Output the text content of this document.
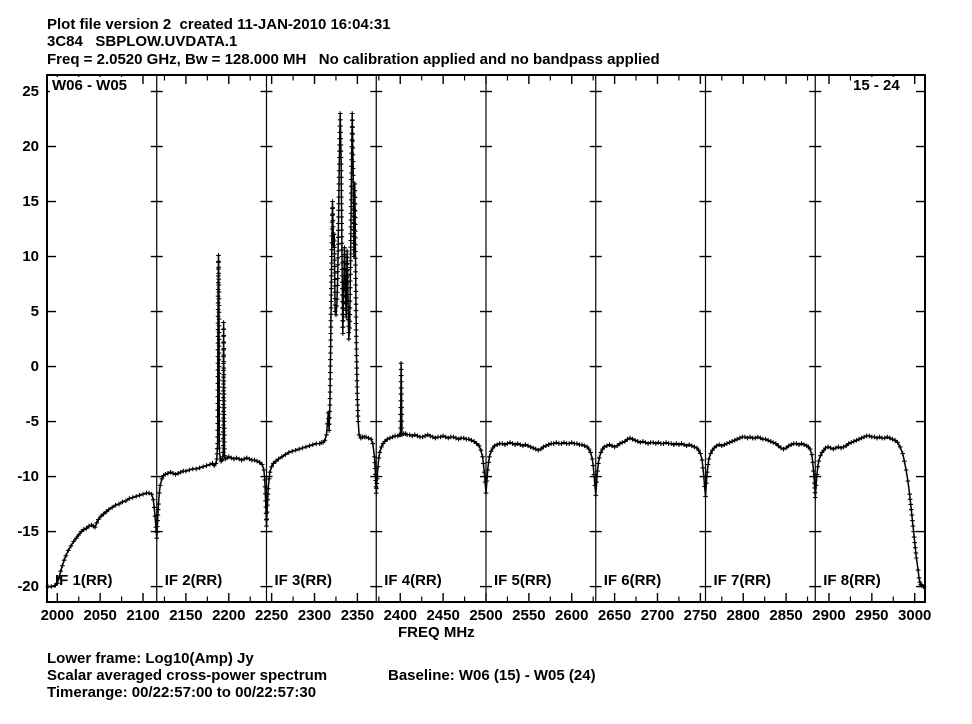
Plot file version 2  created 11-JAN-2010 16:04:31
3C84   SBPLOW.UVDATA.1
Freq = 2.0520 GHz, Bw = 128.000 MH   No calibration applied and no bandpass applied
W06 - W05	15 - 24
2000 2050 2100 2150 2200 2250 2300 2350 2400 2450 2500 2550 2600 2650 2700 2750 2800 2850 2900 2950 3000
-20
-15
-10
-5
0
5
10
15
20
25
IF 1(RR)	IF 2(RR)	IF 3(RR)	IF 4(RR)	IF 5(RR)	IF 6(RR)	IF 7(RR)	IF 8(RR)
FREQ MHz
Lower frame: Log10(Amp) Jy
Scalar averaged cross-power spectrum	Baseline: W06 (15) - W05 (24)
Timerange: 00/22:57:00 to 00/22:57:30
